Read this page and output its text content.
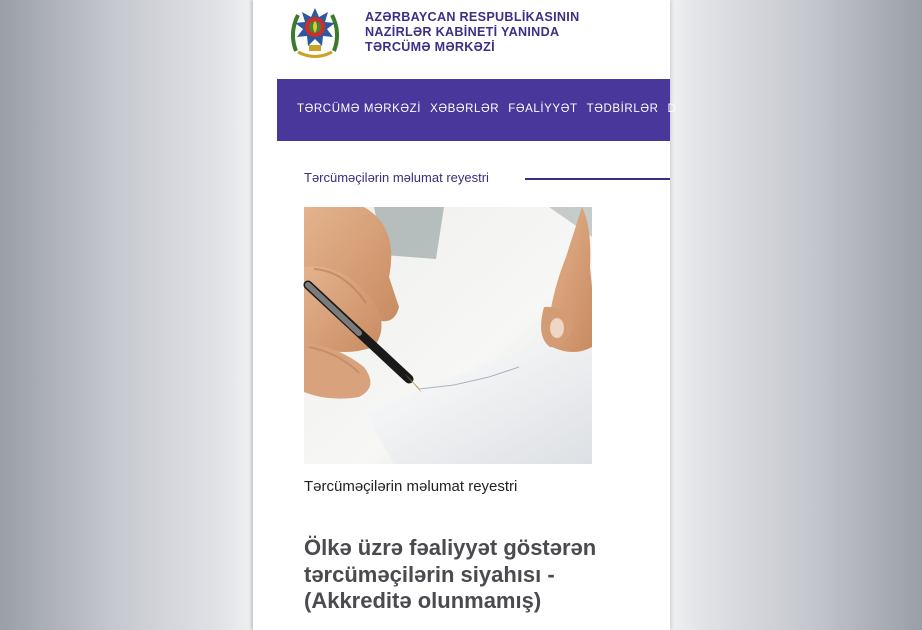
AZƏRBAYCAN RESPUBLİKASININ
NAZİRLƏR KABİNETİ YANINDA
TƏRCÜMƏ MƏRKƏZİ
TƏRCÜMƏ MƏRKƏZİ XƏBƏRLƏR FƏALİYYƏT TƏDBİRLƏR D
Tərcüməçilərin məlumat reyestri
Tərcüməçilərin məlumat reyestri
Ölkə üzrə fəaliyyət göstərən tərcüməçilərin siyahısı - (Akkreditə olunmamış)
